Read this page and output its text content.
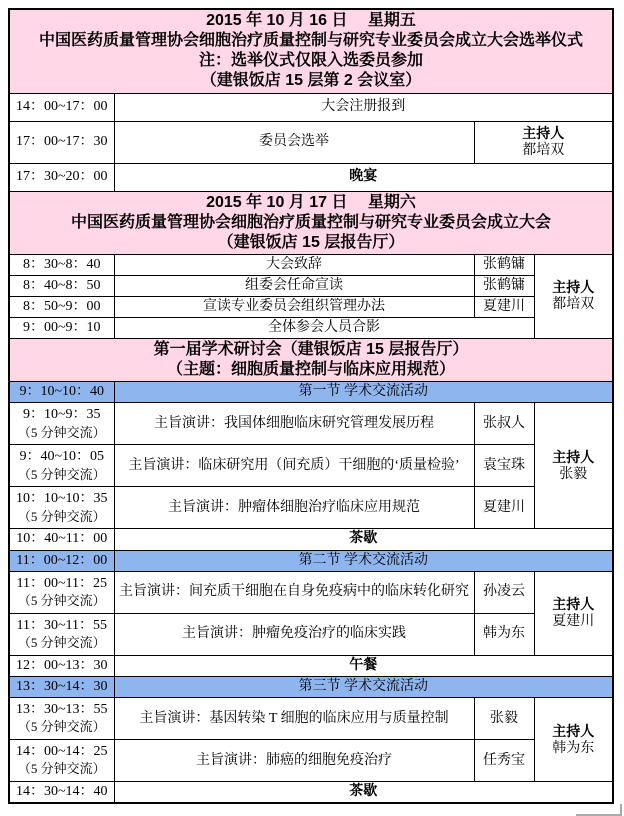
2015 年 10 月 16 日　 星期五
中国医药质量管理协会细胞治疗质量控制与研究专业委员会成立大会选举仪式
注：选举仪式仅限入选委员参加
（建银饭店 15 层第 2 会议室）			

14：00~17：00	大会注册报到		
17：00~17：30	委员会选举	主持人
都培双	

17：30~20：00	晚宴		

2015 年 10 月 17 日　 星期六
中国医药质量管理协会细胞治疗质量控制与研究专业委员会成立大会
（建银饭店 15 层报告厅）			

8：30~8：40	大会致辞	张鹤镛	主持人
都培双

8：40~8：50	组委会任命宣读	张鹤镛	
8：50~9：00	宣读专业委员会组织管理办法	夏建川	
9：00~9：10	全体参会人员合影		

第一届学术研讨会（建银饭店 15 层报告厅）
（主题：细胞质量控制与临床应用规范）			

9：10~10：40	第一节 学术交流活动		
9：10~9：35
（5 分钟交流）	主旨演讲：我国体细胞临床研究管理发展历程	张叔人	主持人
张毅

9：40~10：05
（5 分钟交流）	主旨演讲：临床研究用（间充质）干细胞的‘质量检验’	袁宝珠	
10：10~10：35
（5 分钟交流）	主旨演讲：肿瘤体细胞治疗临床应用规范	夏建川	
10：40~11：00	茶歇		
11：00~12：00	第二节 学术交流活动		
11：00~11：25
（5 分钟交流）	主旨演讲：间充质干细胞在自身免疫病中的临床转化研究	孙凌云	主持人
夏建川

11：30~11：55
（5 分钟交流）	主旨演讲：肿瘤免疫治疗的临床实践	韩为东	
12：00~13：30	午餐		
13：30~14：30	第三节 学术交流活动		
13：30~13：55
（5 分钟交流）	主旨演讲：基因转染 T 细胞的临床应用与质量控制	张毅	主持人
韩为东

14：00~14：25
（5 分钟交流）	主旨演讲：肺癌的细胞免疫治疗	任秀宝	
14：30~14：40	茶歇		
